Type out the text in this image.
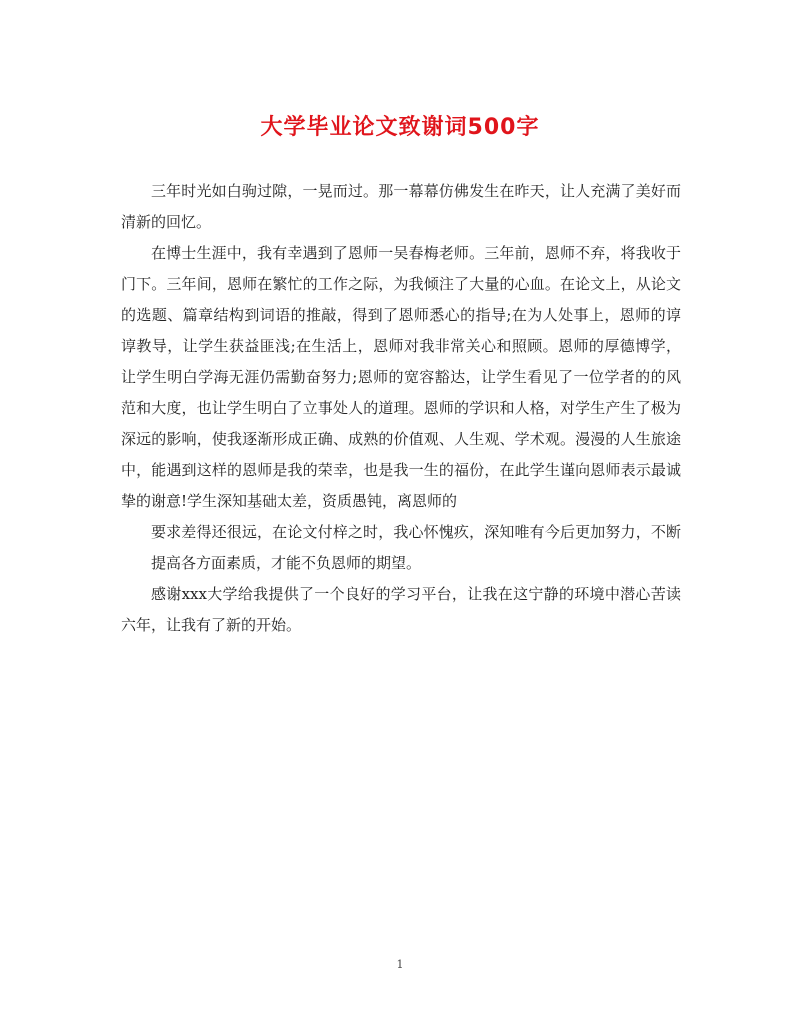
大学毕业论文致谢词500字

三年时光如白驹过隙，一晃而过。那一幕幕仿佛发生在昨天，让人充满了美好而清新的回忆。

在博士生涯中，我有幸遇到了恩师一吴春梅老师。三年前，恩师不弃，将我收于门下。三年间，恩师在繁忙的工作之际，为我倾注了大量的心血。在论文上，从论文的选题、篇章结构到词语的推敲，得到了恩师悉心的指导;在为人处事上，恩师的谆谆教导，让学生获益匪浅;在生活上，恩师对我非常关心和照顾。恩师的厚德博学，让学生明白学海无涯仍需勤奋努力;恩师的宽容豁达，让学生看见了一位学者的的风范和大度，也让学生明白了立事处人的道理。恩师的学识和人格，对学生产生了极为深远的影响，使我逐渐形成正确、成熟的价值观、人生观、学术观。漫漫的人生旅途中，能遇到这样的恩师是我的荣幸，也是我一生的福份，在此学生谨向恩师表示最诚挚的谢意!学生深知基础太差，资质愚钝，离恩师的

要求差得还很远，在论文付梓之时，我心怀愧疚，深知唯有今后更加努力，不断提高各方面素质，才能不负恩师的期望。

感谢xxx大学给我提供了一个良好的学习平台，让我在这宁静的环境中潜心苦读六年，让我有了新的开始。

1
